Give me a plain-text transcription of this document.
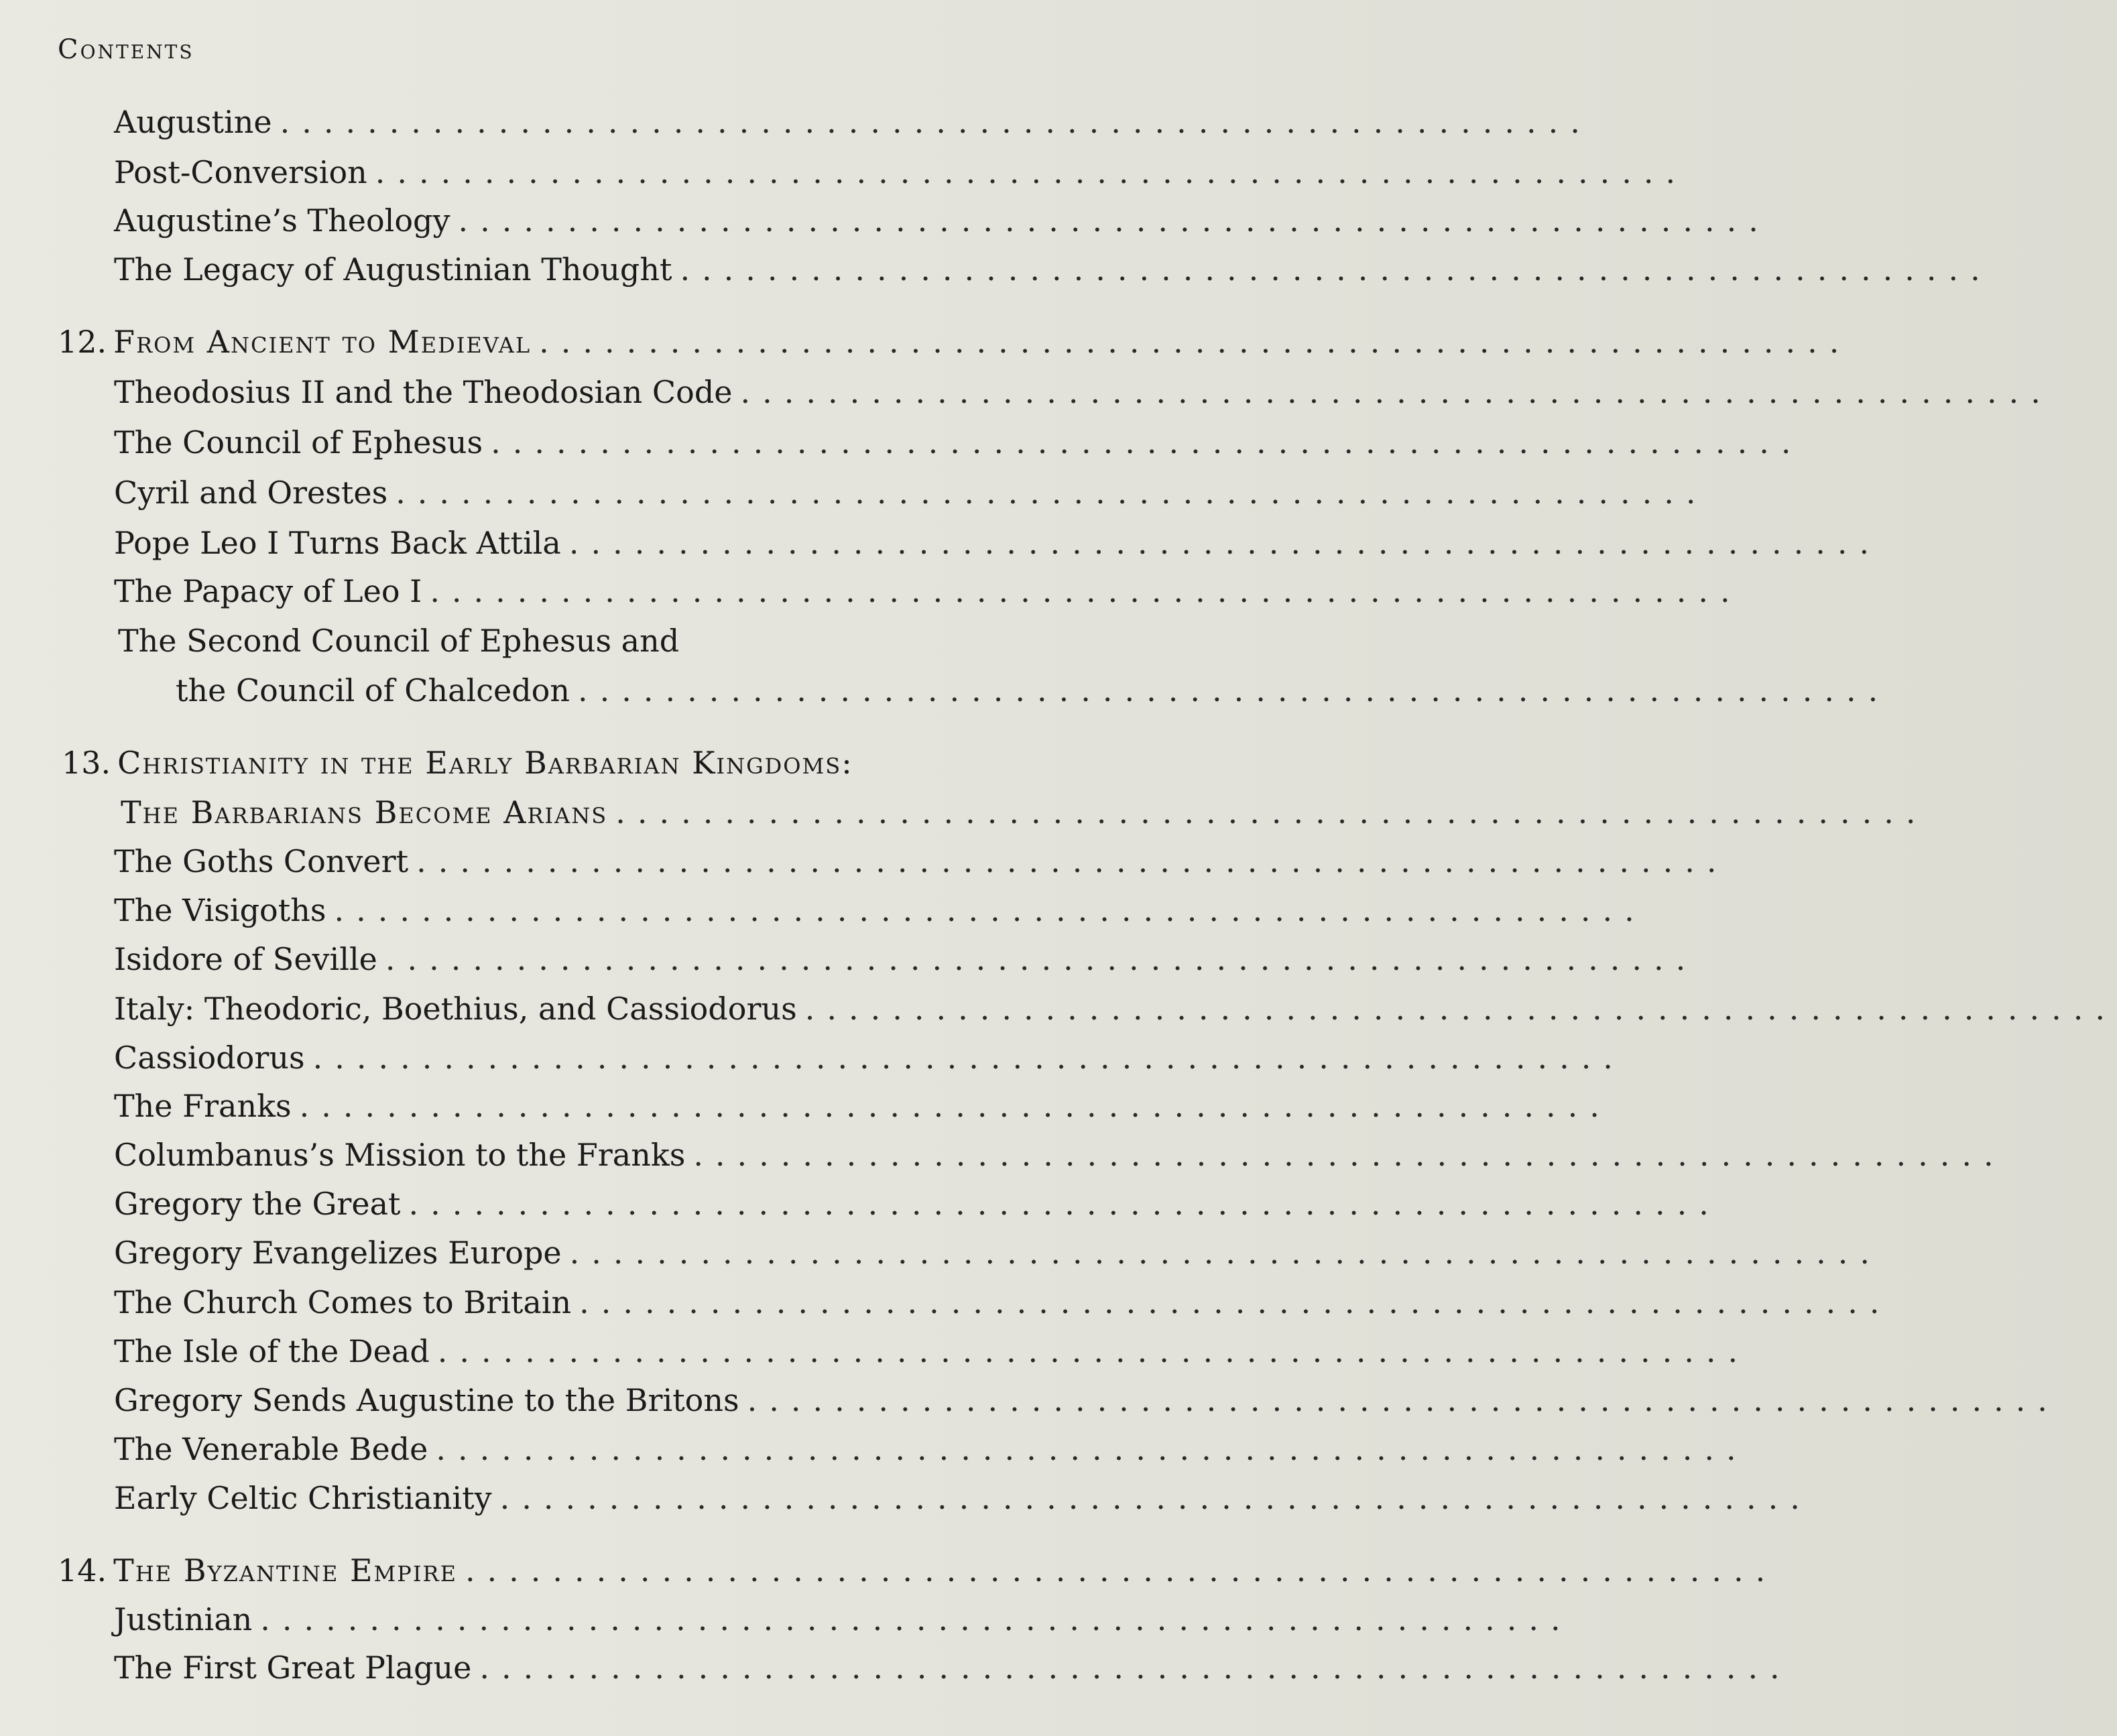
Contents
Augustine ............................................................
Post-Conversion ............................................................
Augustine’s Theology ............................................................
The Legacy of Augustinian Thought ............................................................
12. From Ancient to Medieval ............................................................
Theodosius II and the Theodosian Code ............................................................
The Council of Ephesus ............................................................
Cyril and Orestes ............................................................
Pope Leo I Turns Back Attila ............................................................
The Papacy of Leo I ............................................................
The Second Council of Ephesus and
the Council of Chalcedon ............................................................
13. Christianity in the Early Barbarian Kingdoms:
The Barbarians Become Arians ............................................................
The Goths Convert ............................................................
The Visigoths ............................................................
Isidore of Seville ............................................................
Italy: Theodoric, Boethius, and Cassiodorus ............................................................
Cassiodorus ............................................................
The Franks ............................................................
Columbanus’s Mission to the Franks ............................................................
Gregory the Great ............................................................
Gregory Evangelizes Europe ............................................................
The Church Comes to Britain ............................................................
The Isle of the Dead ............................................................
Gregory Sends Augustine to the Britons ............................................................
The Venerable Bede ............................................................
Early Celtic Christianity ............................................................
14. The Byzantine Empire ............................................................
Justinian ............................................................
The First Great Plague ............................................................
